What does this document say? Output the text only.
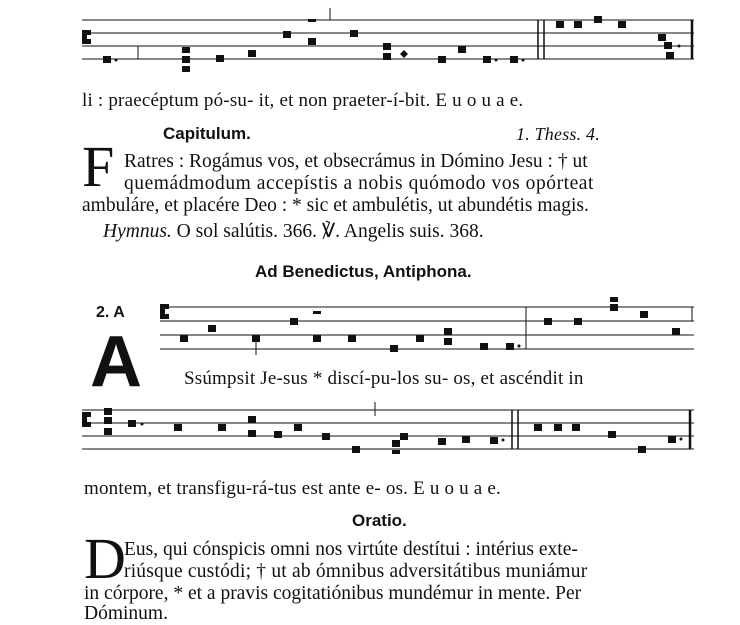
li : praecéptum pó-su- it, et non praeter-í-bit. E u o u a e.
Capitulum.	1. Thess. 4.
F Ratres : Rogámus vos, et obsecrámus in Dómino Jesu : † ut
quemádmodum accepístis a nobis quómodo vos opórteat
ambuláre, et placére Deo : * sic et ambulétis, ut abundétis magis.
Hymnus. O sol salútis. 366. ℣. Angelis suis. 368.
Ad Benedictus, Antiphona.
2. A
A Ssúmpsit Je-sus * discí-pu-los su- os, et ascéndit in
montem, et transfigu-rá-tus est ante e- os. E u o u a e.
Oratio.
D
Eus, qui cónspicis omni nos virtúte destítui : intérius exte-
riúsque custódi; † ut ab ómnibus adversitátibus muniámur
in córpore, * et a pravis cogitatiónibus mundémur in mente. Per
Dóminum.
